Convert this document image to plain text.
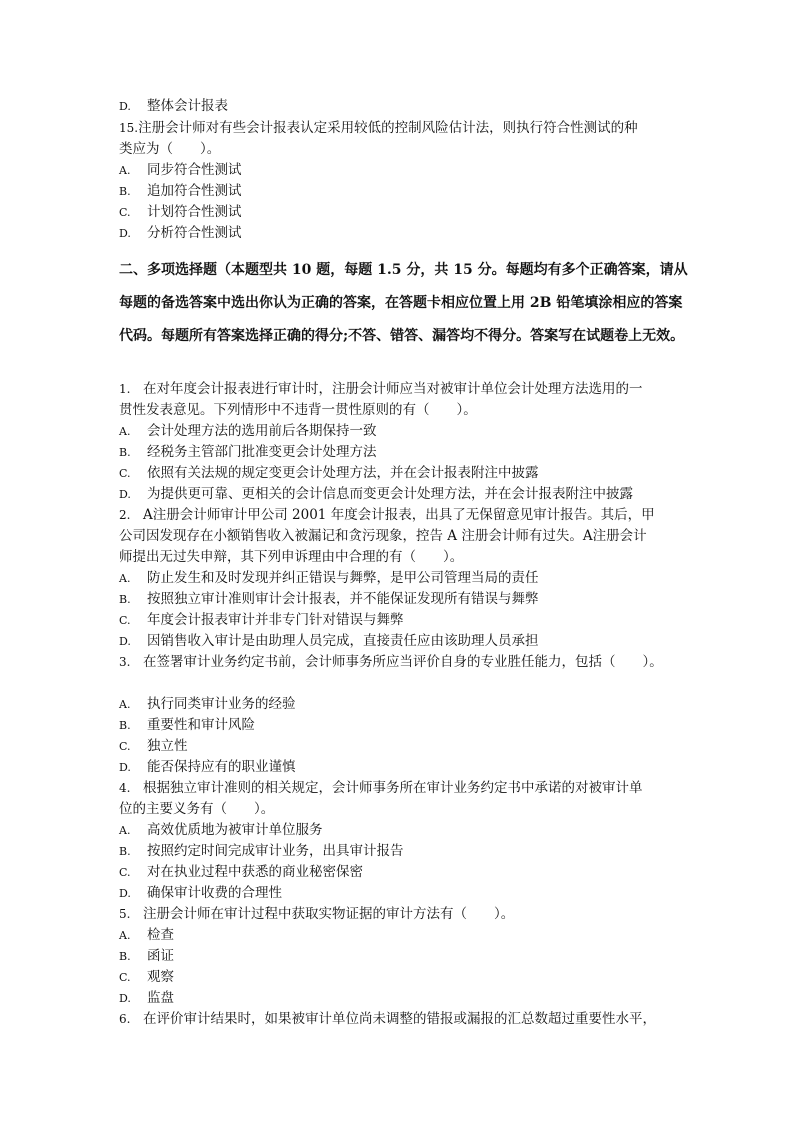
D. 整体会计报表
15.注册会计师对有些会计报表认定采用较低的控制风险估计法，则执行符合性测试的种
类应为（　　）。
A. 同步符合性测试
B. 追加符合性测试
C. 计划符合性测试
D. 分析符合性测试
二、多项选择题（本题型共 10 题，每题 1.5 分，共 15 分。每题均有多个正确答案，请从
每题的备选答案中选出你认为正确的答案，在答题卡相应位置上用 2B 铅笔填涂相应的答案
代码。每题所有答案选择正确的得分;不答、错答、漏答均不得分。答案写在试题卷上无效。
1. 在对年度会计报表进行审计时，注册会计师应当对被审计单位会计处理方法选用的一
贯性发表意见。下列情形中不违背一贯性原则的有（　　）。
A. 会计处理方法的选用前后各期保持一致
B. 经税务主管部门批准变更会计处理方法
C. 依照有关法规的规定变更会计处理方法，并在会计报表附注中披露
D. 为提供更可靠、更相关的会计信息而变更会计处理方法，并在会计报表附注中披露
2. A注册会计师审计甲公司 2001 年度会计报表，出具了无保留意见审计报告。其后，甲
公司因发现存在小额销售收入被漏记和贪污现象，控告 A 注册会计师有过失。A注册会计
师提出无过失申辩，其下列申诉理由中合理的有（　　）。
A. 防止发生和及时发现并纠正错误与舞弊，是甲公司管理当局的责任
B. 按照独立审计准则审计会计报表，并不能保证发现所有错误与舞弊
C. 年度会计报表审计并非专门针对错误与舞弊
D. 因销售收入审计是由助理人员完成，直接责任应由该助理人员承担
3. 在签署审计业务约定书前，会计师事务所应当评价自身的专业胜任能力，包括（　　）。
A. 执行同类审计业务的经验
B. 重要性和审计风险
C. 独立性
D. 能否保持应有的职业谨慎
4. 根据独立审计准则的相关规定，会计师事务所在审计业务约定书中承诺的对被审计单
位的主要义务有（　　）。
A. 高效优质地为被审计单位服务
B. 按照约定时间完成审计业务，出具审计报告
C. 对在执业过程中获悉的商业秘密保密
D. 确保审计收费的合理性
5. 注册会计师在审计过程中获取实物证据的审计方法有（　　）。
A. 检查
B. 函证
C. 观察
D. 监盘
6. 在评价审计结果时，如果被审计单位尚未调整的错报或漏报的汇总数超过重要性水平，
